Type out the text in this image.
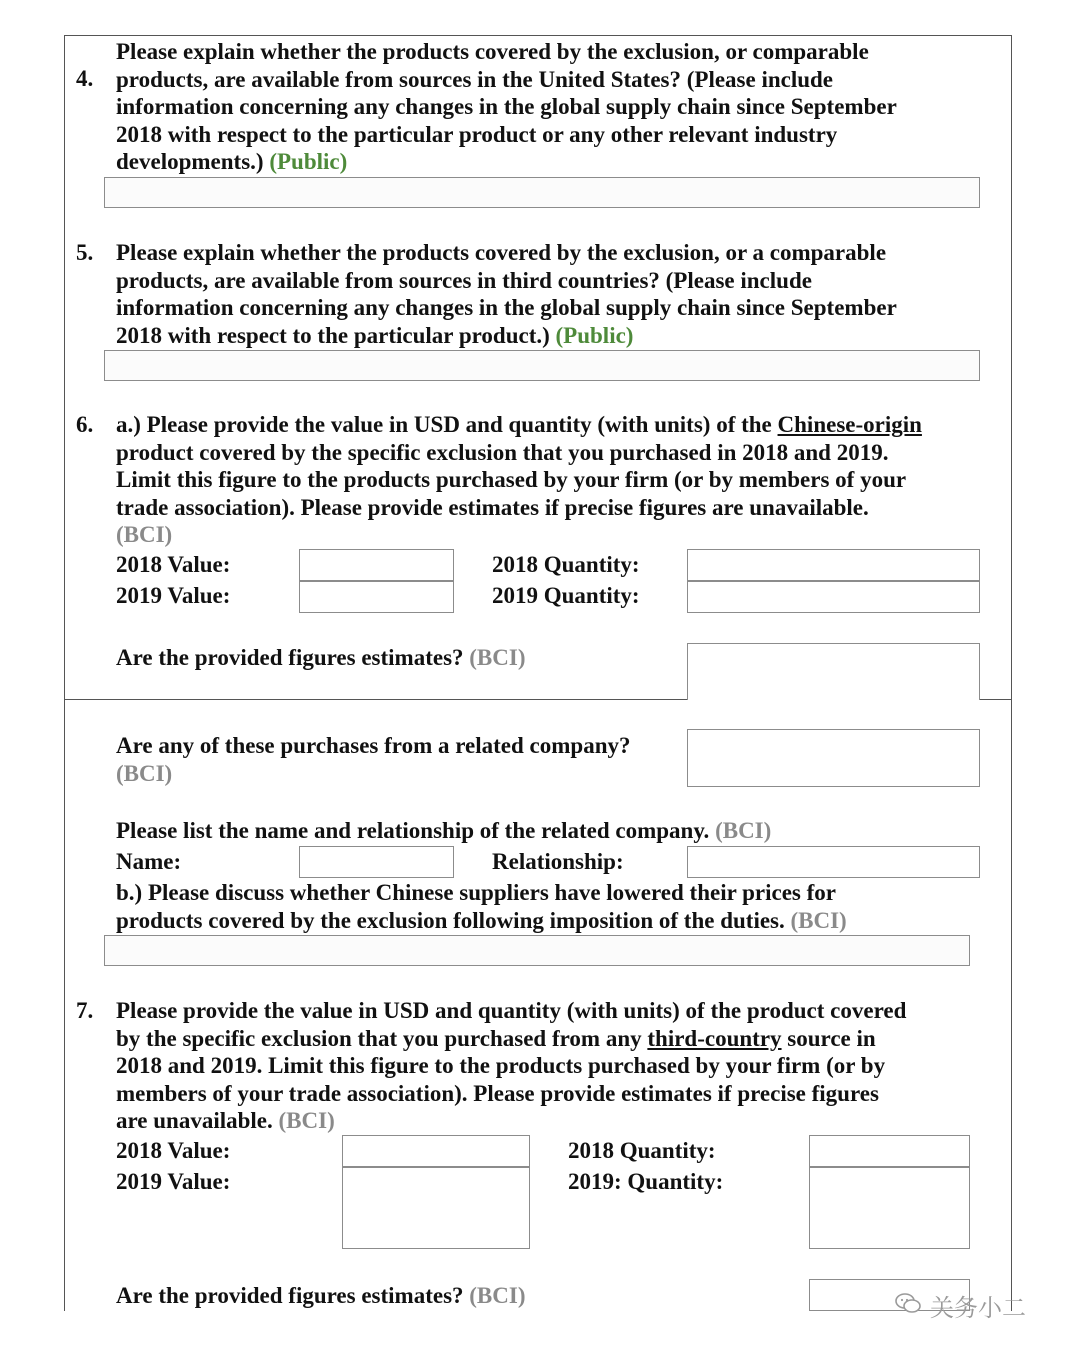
4.
Please explain whether the products covered by the exclusion, or comparable
products, are available from sources in the United States? (Please include
information concerning any changes in the global supply chain since September
2018 with respect to the particular product or any other relevant industry
developments.) (Public)
5. Please explain whether the products covered by the exclusion, or a comparable
products, are available from sources in third countries? (Please include
information concerning any changes in the global supply chain since September
2018 with respect to the particular product.) (Public)
6. a.) Please provide the value in USD and quantity (with units) of the Chinese-origin
product covered by the specific exclusion that you purchased in 2018 and 2019.
Limit this figure to the products purchased by your firm (or by members of your
trade association). Please provide estimates if precise figures are unavailable.
(BCI)
2018 Value:
2019 Value:
2018 Quantity:
2019 Quantity:
Are the provided figures estimates? (BCI)
Are any of these purchases from a related company?
(BCI)
Please list the name and relationship of the related company. (BCI)
Name:	Relationship:
b.) Please discuss whether Chinese suppliers have lowered their prices for
products covered by the exclusion following imposition of the duties. (BCI)
7. Please provide the value in USD and quantity (with units) of the product covered
by the specific exclusion that you purchased from any third-country source in
2018 and 2019. Limit this figure to the products purchased by your firm (or by
members of your trade association). Please provide estimates if precise figures
are unavailable. (BCI)
2018 Value:
2019 Value:
2018 Quantity:
2019: Quantity:
Are the provided figures estimates? (BCI)	关务小二
